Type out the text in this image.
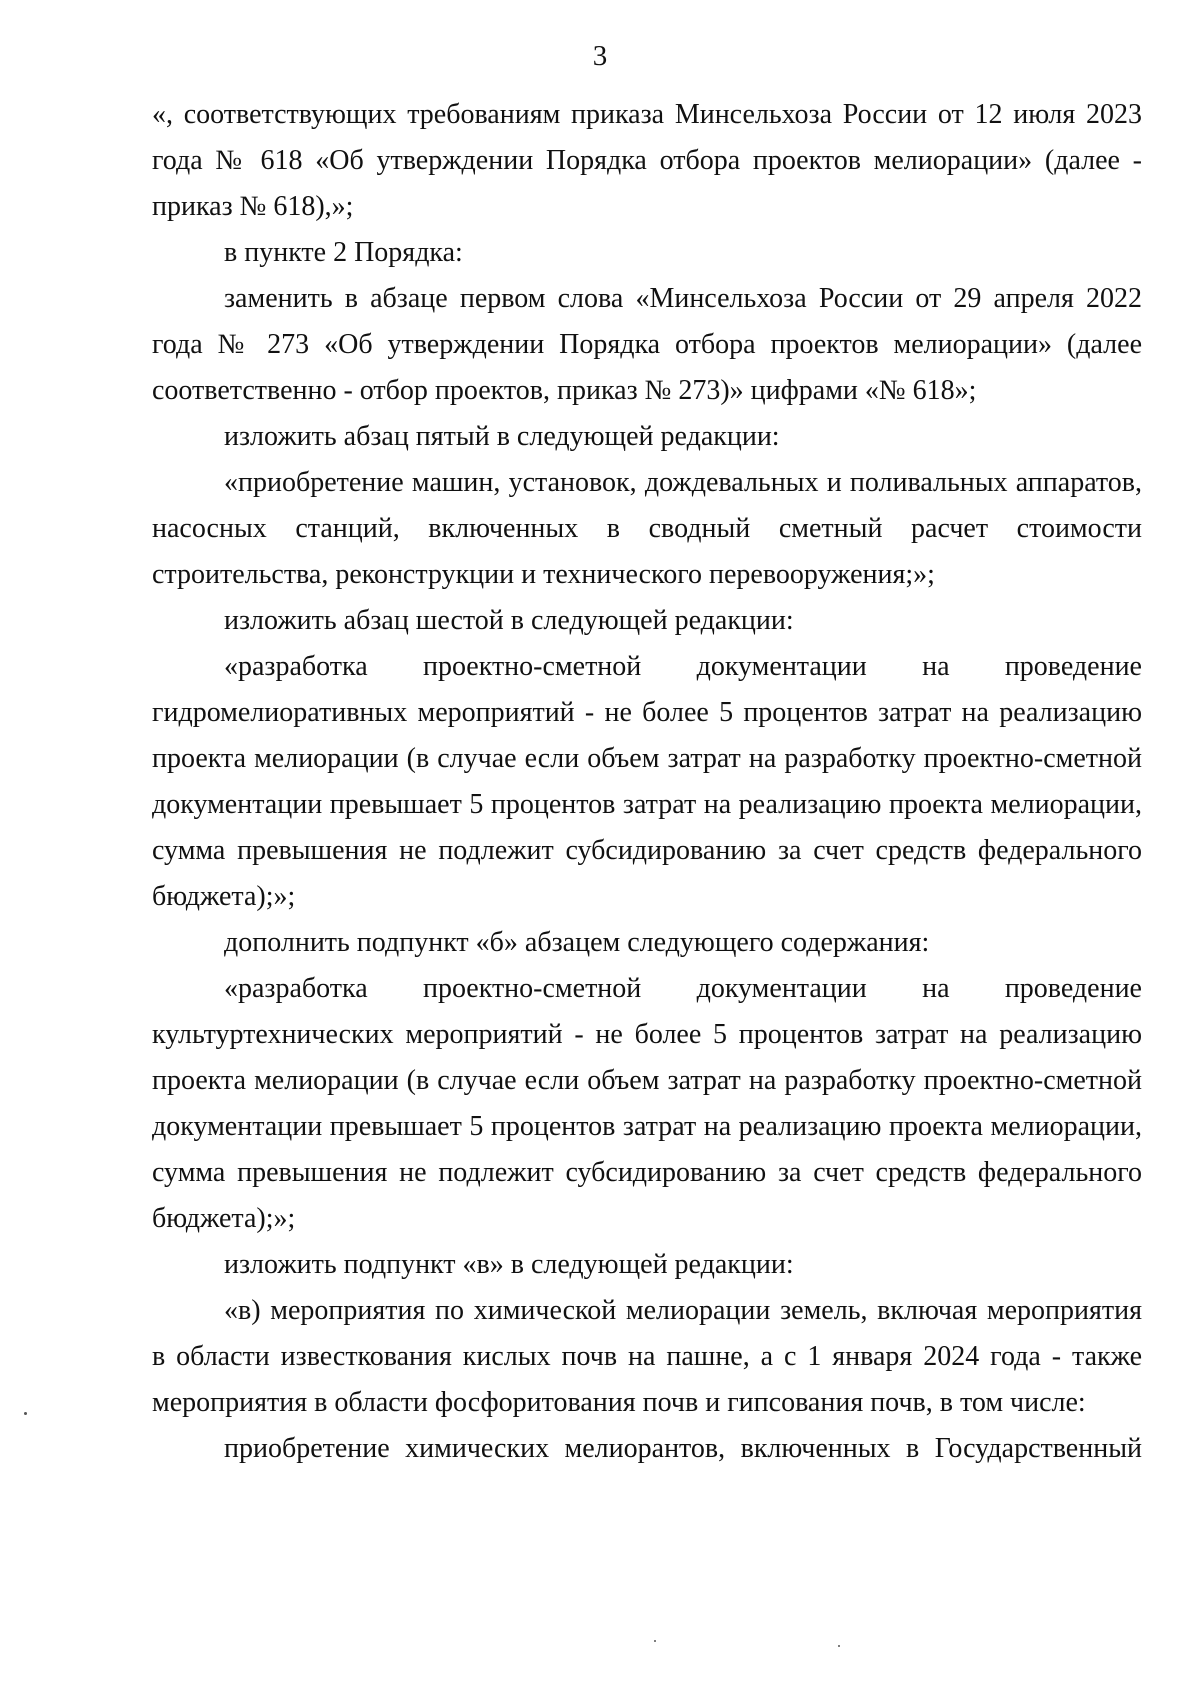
3

«, соответствующих требованиям приказа Минсельхоза России от 12 июля 2023 года № 618 «Об утверждении Порядка отбора проектов мелиорации» (далее - приказ № 618),»;

в пункте 2 Порядка:

заменить в абзаце первом слова «Минсельхоза России от 29 апреля 2022 года № 273 «Об утверждении Порядка отбора проектов мелиорации» (далее соответственно - отбор проектов, приказ № 273)» цифрами «№ 618»;

изложить абзац пятый в следующей редакции:

«приобретение машин, установок, дождевальных и поливальных аппаратов, насосных станций, включенных в сводный сметный расчет стоимости строительства, реконструкции и технического перевооружения;»;

изложить абзац шестой в следующей редакции:

«разработка проектно-сметной документации на проведение гидромелиоративных мероприятий - не более 5 процентов затрат на реализацию проекта мелиорации (в случае если объем затрат на разработку проектно-сметной документации превышает 5 процентов затрат на реализацию проекта мелиорации, сумма превышения не подлежит субсидированию за счет средств федерального бюджета);»;

дополнить подпункт «б» абзацем следующего содержания:

«разработка проектно-сметной документации на проведение культуртехнических мероприятий - не более 5 процентов затрат на реализацию проекта мелиорации (в случае если объем затрат на разработку проектно-сметной документации превышает 5 процентов затрат на реализацию проекта мелиорации, сумма превышения не подлежит субсидированию за счет средств федерального бюджета);»;

изложить подпункт «в» в следующей редакции:

«в) мероприятия по химической мелиорации земель, включая мероприятия в области известкования кислых почв на пашне, а с 1 января 2024 года - также мероприятия в области фосфоритования почв и гипсования почв, в том числе:

приобретение химических мелиорантов, включенных в Государственный
